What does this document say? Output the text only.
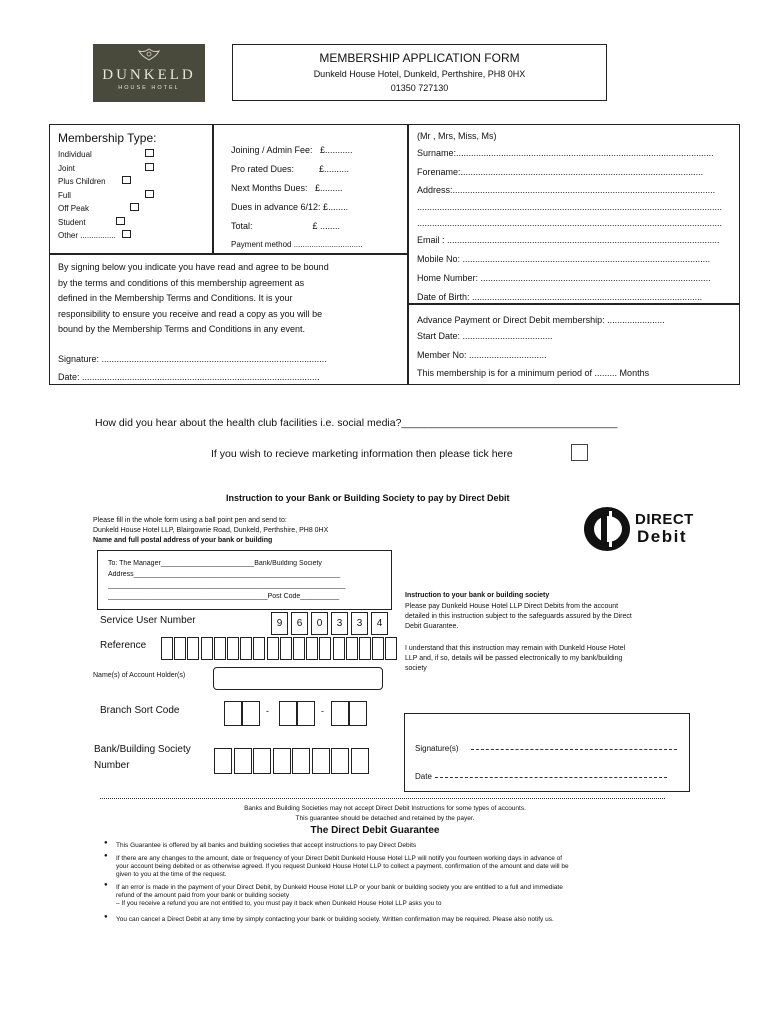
DUNKELD
HOUSE HOTEL
MEMBERSHIP APPLICATION FORM
Dunkeld House Hotel, Dunkeld, Perthshire, PH8 0HX
01350 727130
Membership Type:
Individual
Joint
Plus Children
Full
Off Peak
Student
Other ................
Joining / Admin Fee:   £...........
Pro rated Dues:          £..........
Next Months Dues:   £.........
Dues in advance 6/12: £........
Total:                        £ ........
Payment method ...............................
(Mr , Mrs, Miss, Ms)
Surname:.......................................................................................................
Forename:.................................................................................................
Address:.........................................................................................................
..........................................................................................................................
..........................................................................................................................
Email : .............................................................................................................
Mobile No: ...................................................................................................
Home Number: ............................................................................................
Date of Birth: ............................................................................................
By signing below you indicate you have read and agree to be bound
by the terms and conditions of this membership agreement as
defined in the Membership Terms and Conditions. It is your
responsibility to ensure you receive and read a copy as you will be
bound by the Membership Terms and Conditions in any event.
Signature: ..........................................................................................
Date: ...............................................................................................
Advance Payment or Direct Debit membership: .......................
Start Date: ....................................
Member No: ...............................
This membership is for a minimum period of ......... Months
How did you hear about the health club facilities i.e. social media?_____________________________________
If you wish to recieve marketing information then please tick here
Instruction to your Bank or Building Society to pay by Direct Debit
Please fill in the whole form using a ball point pen and send to:
Dunkeld House Hotel LLP, Blairgowrie Road, Dunkeld, Perthshire, PH8 0HX
Name and full postal address of your bank or building
DIRECT
Debit
To: The Manager________________________Bank/Building Society
Address_____________________________________________________
_____________________________________________________________
_________________________________________Post Code__________
Service User Number	9	6	0	3	3	4
Reference
Name(s) of Account Holder(s)
Branch Sort Code	-	-
Bank/Building Society
Number
Instruction to your bank or building society
Please pay Dunkeld House Hotel LLP Direct Debits from the account
detailed in this instruction subject to the safeguards assured by the Direct
Debit Guarantee.
I understand that this instruction may remain with Dunkeld House Hotel
LLP and, if so, details will be passed electronically to my bank/building
society
Signature(s)
Date
Banks and Building Societies may not accept Direct Debit Instructions for some types of accounts.
This guarantee should be detached and retained by the payer.
The Direct Debit Guarantee
● This Guarantee is offered by all banks and building societies that accept instructions to pay Direct Debits
● If there are any changes to the amount, date or frequency of your Direct Debit Dunkeld House Hotel LLP will notify you fourteen working days in advance of
your account being debited or as otherwise agreed. If you request Dunkeld House Hotel LLP to collect a payment, confirmation of the amount and date will be
given to you at the time of the request.
● If an error is made in the payment of your Direct Debit, by Dunkeld House Hotel LLP or your bank or building society you are entitled to a full and immediate
refund of the amount paid from your bank or building society
– If you receive a refund you are not entitled to, you must pay it back when Dunkeld House Hotel LLP asks you to
● You can cancel a Direct Debit at any time by simply contacting your bank or building society. Written confirmation may be required. Please also notify us.
